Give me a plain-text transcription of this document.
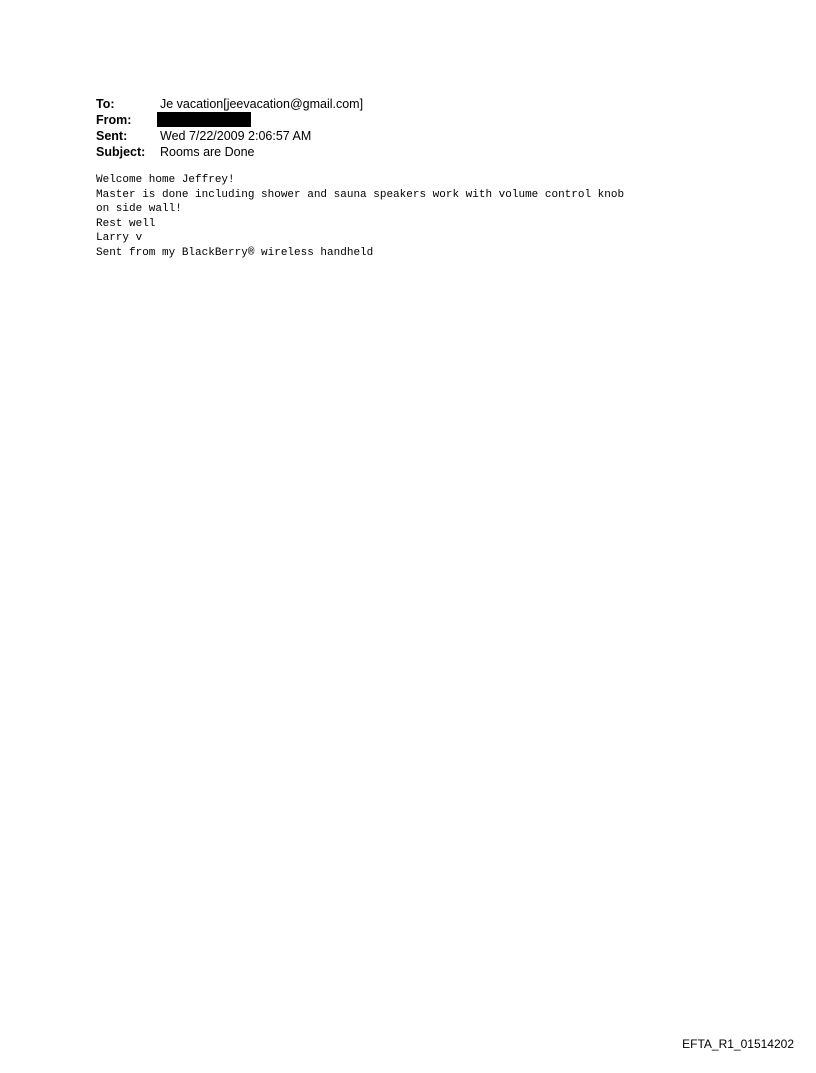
To:	Je vacation[jeevacation@gmail.com]
From:
Sent:	Wed 7/22/2009 2:06:57 AM
Subject:	Rooms are Done
Welcome home Jeffrey!
Master is done including shower and sauna speakers work with volume control knob
on side wall!
Rest well
Larry v
Sent from my BlackBerry® wireless handheld
EFTA_R1_01514202
